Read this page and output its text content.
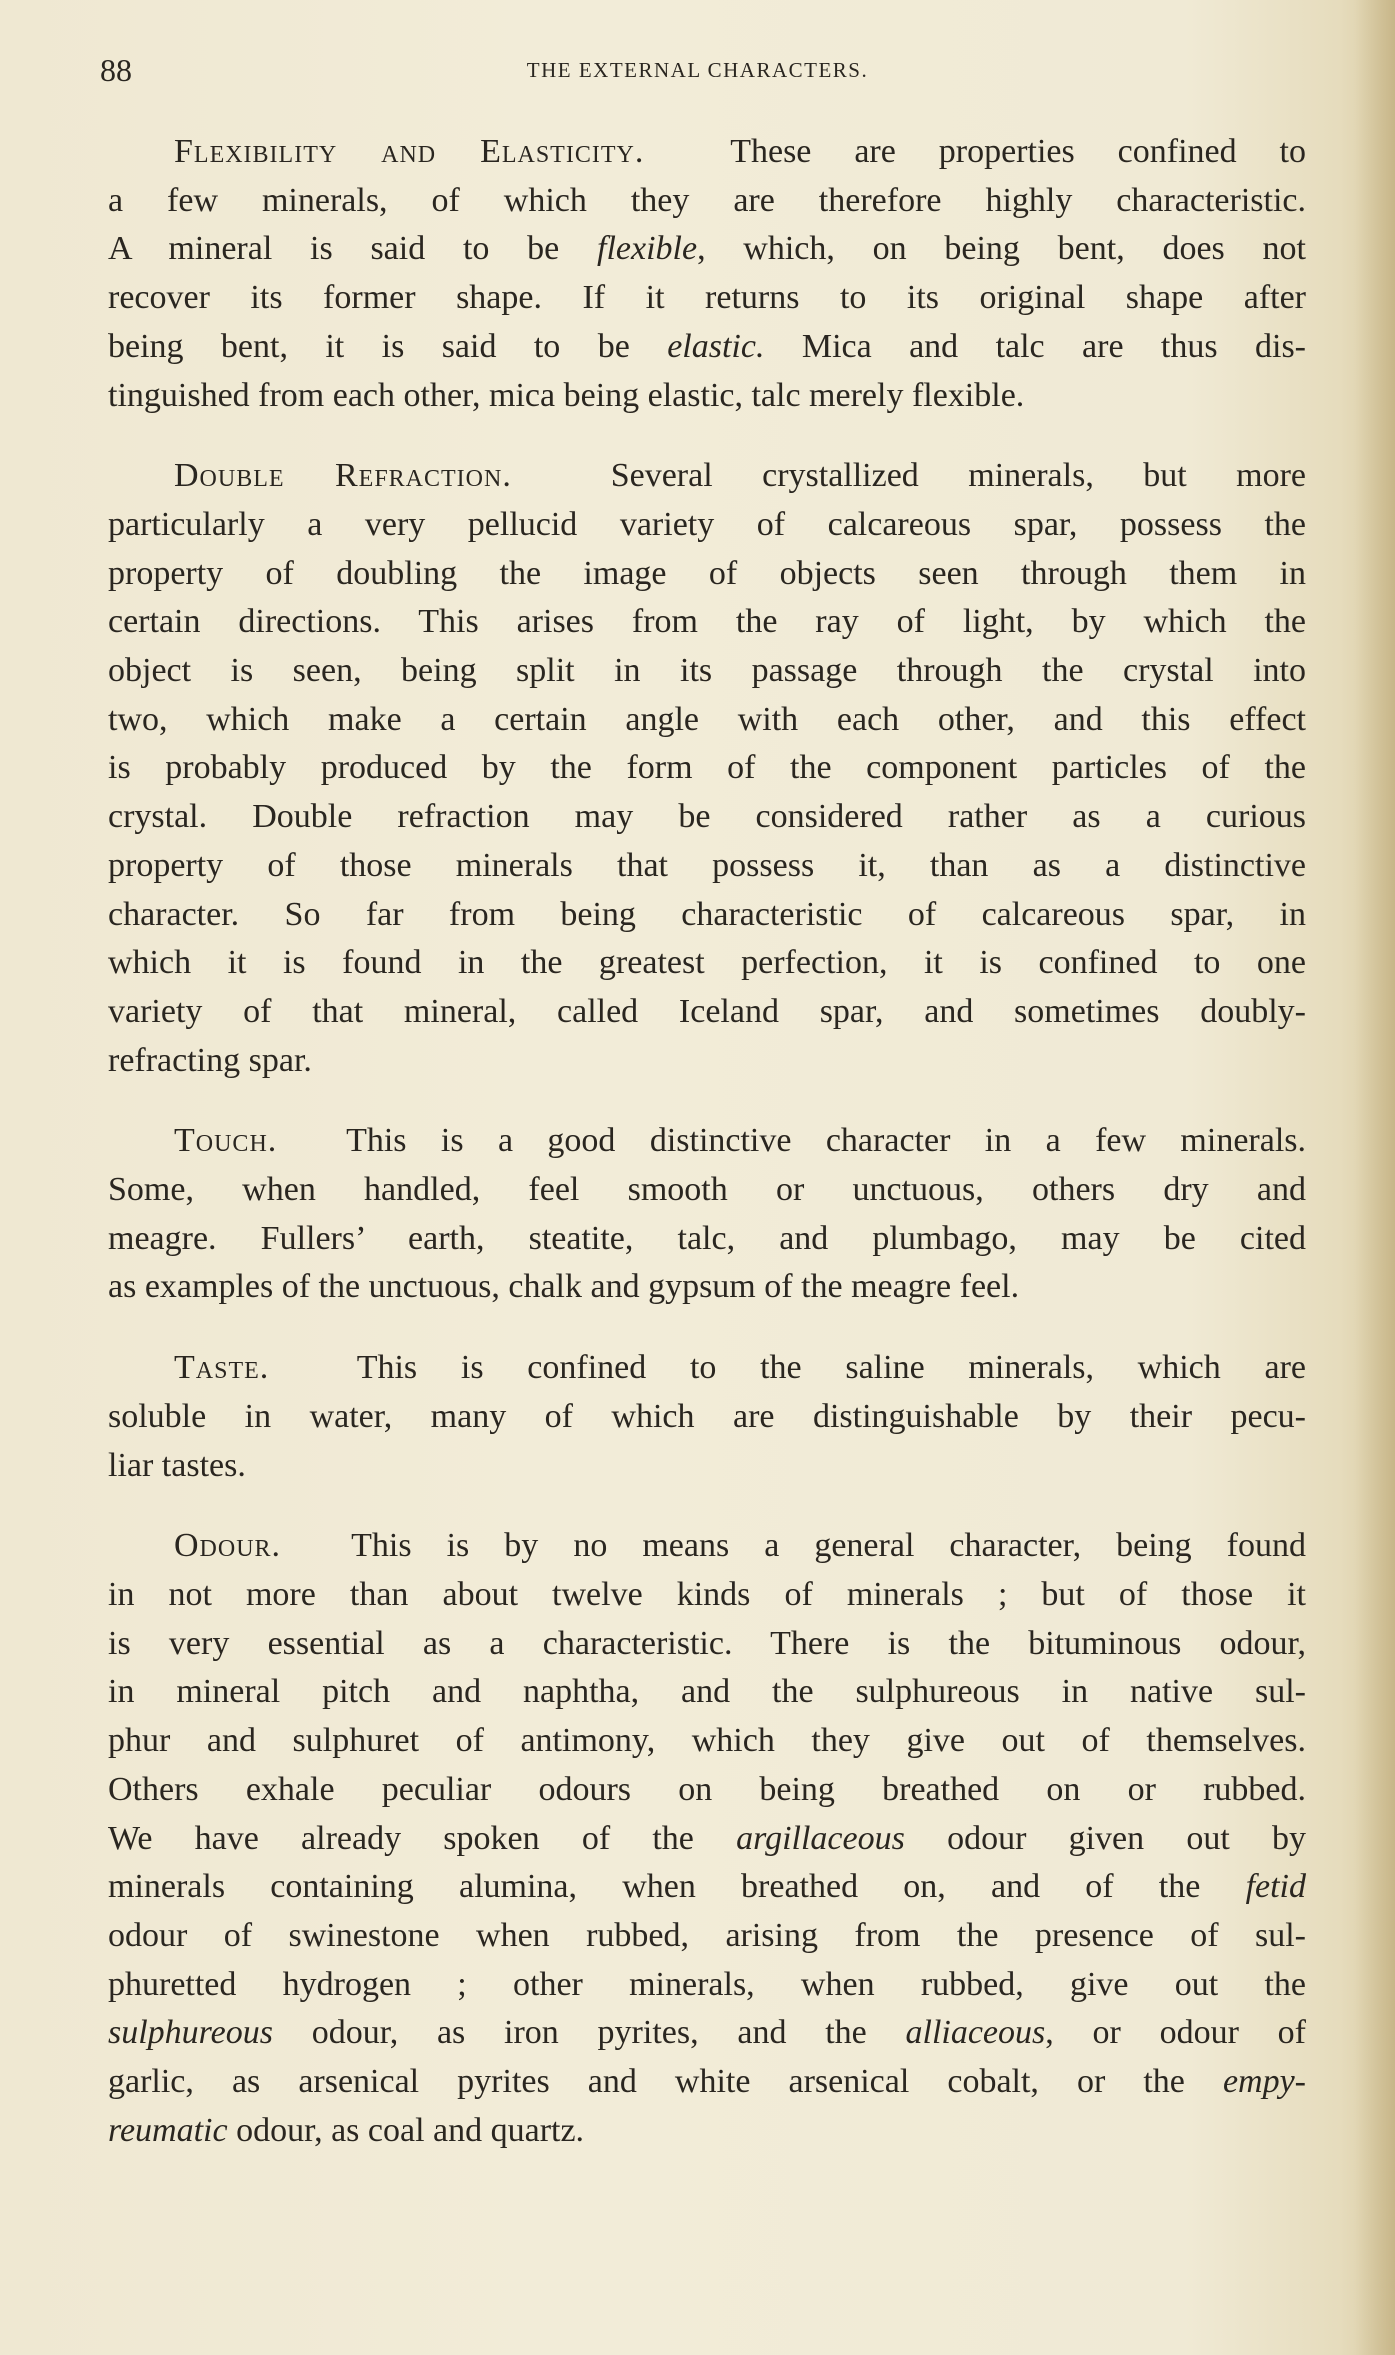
88	THE EXTERNAL CHARACTERS.
Flexibility and Elasticity.	These are properties confined to
a few minerals, of which they are therefore highly characteristic.
A mineral is said to be flexible, which, on being bent, does not
recover its former shape. If it returns to its original shape after
being bent, it is said to be elastic. Mica and talc are thus dis-
tinguished from each other, mica being elastic, talc merely flexible.
Double Refraction.	Several crystallized minerals, but more
particularly a very pellucid variety of calcareous spar, possess the
property of doubling the image of objects seen through them in
certain directions. This arises from the ray of light, by which the
object is seen, being split in its passage through the crystal into
two, which make a certain angle with each other, and this effect
is probably produced by the form of the component particles of the
crystal. Double refraction may be considered rather as a curious
property of those minerals that possess it, than as a distinctive
character. So far from being characteristic of calcareous spar, in
which it is found in the greatest perfection, it is confined to one
variety of that mineral, called Iceland spar, and sometimes doubly-
refracting spar.
Touch. This is a good distinctive character in a few minerals.
Some, when handled, feel smooth or unctuous, others dry and
meagre. Fullers’ earth, steatite, talc, and plumbago, may be cited
as examples of the unctuous, chalk and gypsum of the meagre feel.
Taste.	This is confined to the saline minerals, which are
soluble in water, many of which are distinguishable by their pecu-
liar tastes.
Odour. This is by no means a general character, being found
in not more than about twelve kinds of minerals ; but of those it
is very essential as a characteristic. There is the bituminous odour,
in mineral pitch and naphtha, and the sulphureous in native sul-
phur and sulphuret of antimony, which they give out of themselves.
Others exhale peculiar odours on being breathed on or rubbed.
We have already spoken of the argillaceous odour given out by
minerals containing alumina, when breathed on, and of the fetid
odour of swinestone when rubbed, arising from the presence of sul-
phuretted hydrogen ; other minerals, when rubbed, give out the
sulphureous odour, as iron pyrites, and the alliaceous, or odour of
garlic, as arsenical pyrites and white arsenical cobalt, or the empy-
reumatic odour, as coal and quartz.
